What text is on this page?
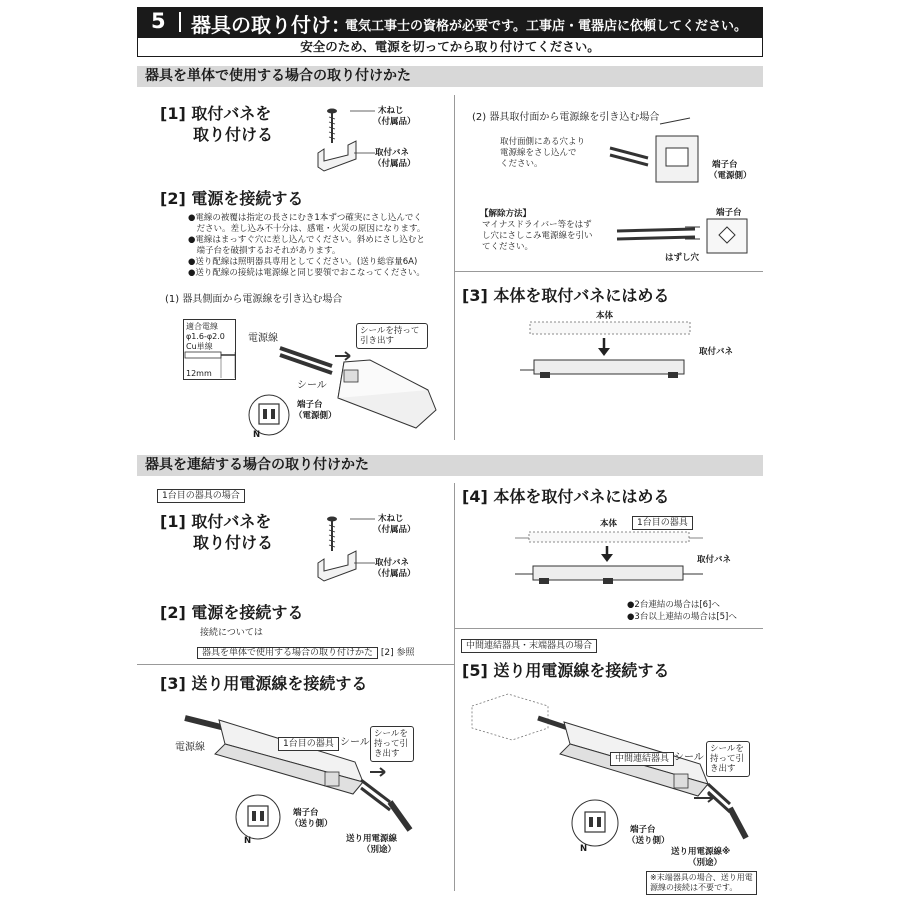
5 器具の取り付け：
電気工事士の資格が必要です。工事店・電器店に依頼してください。
安全のため、電源を切ってから取り付けてください。
器具を単体で使用する場合の取り付けかた
[1] 取付バネを
取り付ける
木ねじ
（付属品）
取付バネ
（付属品）
[2] 電源を接続する
●電線の被覆は指定の長さにむき1本ずつ確実にさし込んでく
　ださい。差し込み不十分は、感電・火災の原因になります。
●電線はまっすぐ穴に差し込んでください。斜めにさし込むと
　端子台を破損するおそれがあります。
●送り配線は照明器具専用としてください。(送り総容量6A)
●送り配線の接続は電源線と同じ要領でおこなってください。
(1) 器具側面から電源線を引き込む場合
適合電線
φ1.6-φ2.0
Cu単線
12mm
電源線
シールを持って
引き出す
シール
端子台
（電源側）
N
(2) 器具取付面から電源線を引き込む場合
取付面側にある穴より
電源線をさし込んで
ください。	端子台
（電源側）
【解除方法】
マイナスドライバー等をはず
し穴にさしこみ電源線を引い
てください。
端子台
はずし穴
[3] 本体を取付バネにはめる
本体
取付バネ
器具を連結する場合の取り付けかた
1台目の器具の場合
[1] 取付バネを
取り付ける
木ねじ
（付属品）
取付バネ
（付属品）
[2] 電源を接続する
接続については
器具を単体で使用する場合の取り付けかた [2] 参照
[3] 送り用電源線を接続する
電源線	1台目の器具 シール
シールを
持って引
き出す
N
端子台
（送り側）
送り用電源線
（別途）
[4] 本体を取付バネにはめる
本体	1台目の器具
取付バネ
●2台連結の場合は[6]へ
●3台以上連結の場合は[5]へ
中間連結器具・末端器具の場合
[5] 送り用電源線を接続する
中間連結器具 シール
シールを
持って引
き出す
N
端子台
（送り側）
送り用電源線※
（別途）
※末端器具の場合、送り用電
源線の接続は不要です。
